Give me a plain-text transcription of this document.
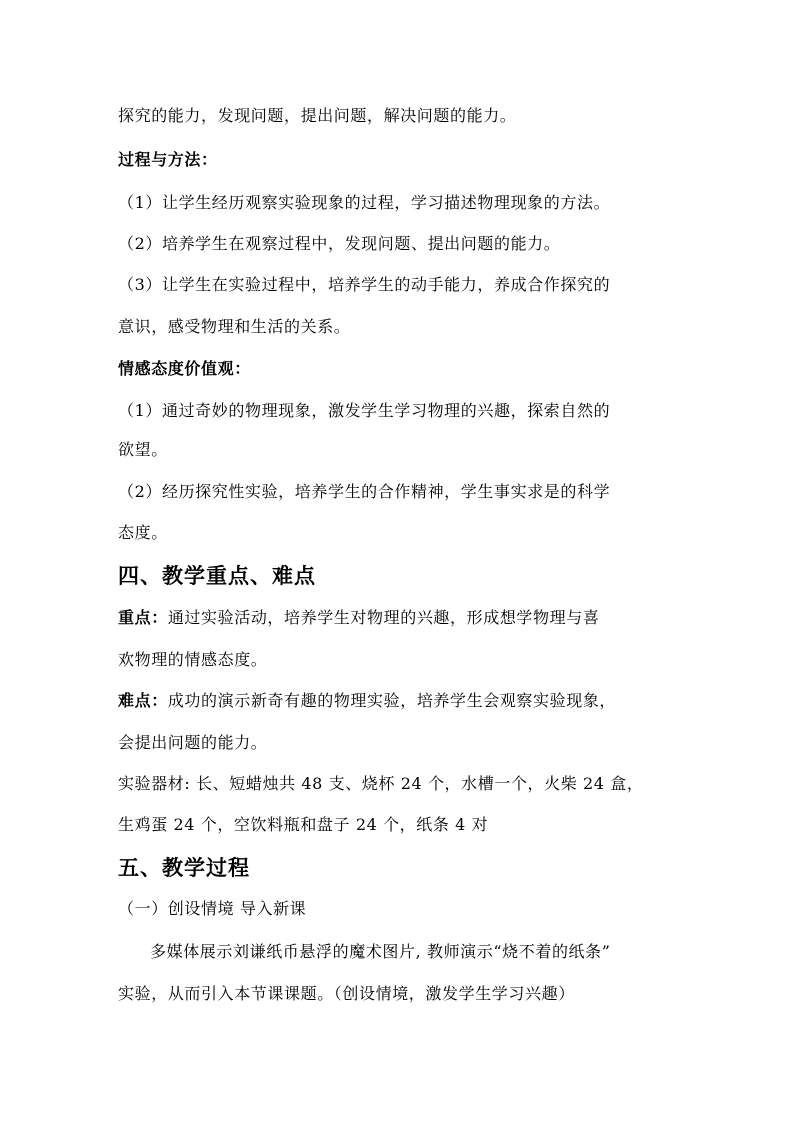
探究的能力，发现问题，提出问题，解决问题的能力。
过程与方法：
（1）让学生经历观察实验现象的过程，学习描述物理现象的方法。
（2）培养学生在观察过程中，发现问题、提出问题的能力。
（3）让学生在实验过程中，培养学生的动手能力，养成合作探究的
意识，感受物理和生活的关系。
情感态度价值观：
（1）通过奇妙的物理现象，激发学生学习物理的兴趣，探索自然的
欲望。
（2）经历探究性实验，培养学生的合作精神，学生事实求是的科学
态度。
四、教学重点、难点
重点：通过实验活动，培养学生对物理的兴趣，形成想学物理与喜
欢物理的情感态度。
难点：成功的演示新奇有趣的物理实验，培养学生会观察实验现象，
会提出问题的能力。
实验器材: 长、短蜡烛共 48 支、烧杯 24 个，水槽一个，火柴 24 盒，
生鸡蛋 24 个，空饮料瓶和盘子 24 个，纸条 4 对
五、教学过程
（一）创设情境 导入新课
多媒体展示刘谦纸币悬浮的魔术图片, 教师演示“烧不着的纸条”
实验，从而引入本节课课题。（创设情境，激发学生学习兴趣）
